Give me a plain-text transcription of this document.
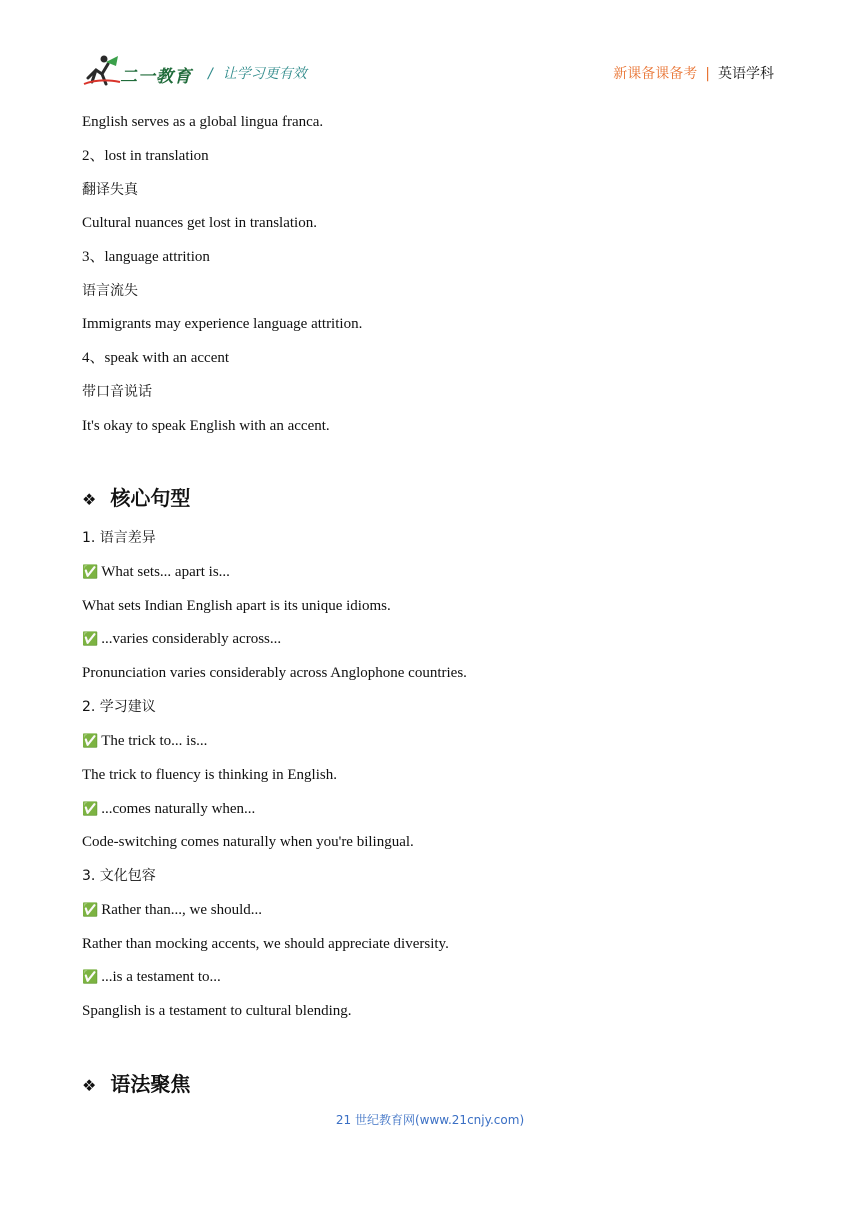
二一教育 / 让学习更有效	新课备课备考 | 英语学科
English serves as a global lingua franca.
2、lost in translation
翻译失真
Cultural nuances get lost in translation.
3、language attrition
语言流失
Immigrants may experience language attrition.
4、speak with an accent
带口音说话
It's okay to speak English with an accent.
❖ 核心句型
1. 语言差异
✅ What sets... apart is...
What sets Indian English apart is its unique idioms.
✅ ...varies considerably across...
Pronunciation varies considerably across Anglophone countries.
2. 学习建议
✅ The trick to... is...
The trick to fluency is thinking in English.
✅ ...comes naturally when...
Code-switching comes naturally when you're bilingual.
3. 文化包容
✅ Rather than..., we should...
Rather than mocking accents, we should appreciate diversity.
✅ ...is a testament to...
Spanglish is a testament to cultural blending.
❖ 语法聚焦
21 世纪教育网(www.21cnjy.com)
